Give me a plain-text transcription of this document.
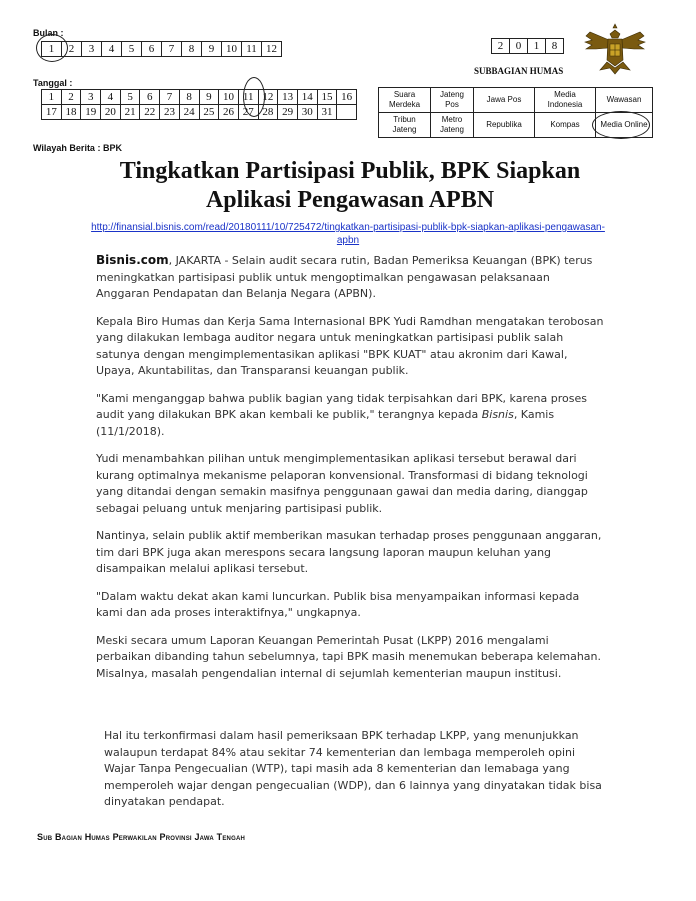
Bulan :
1	2	3	4	5	6	7	8	9	10	11	12
Tanggal :
1	2	3	4	5	6	7	8	9	10	11	12	13	14	15	16
17	18	19	20	21	22	23	24	25	26	27	28	29	30	31	
2	0	1	8
SUBBAGIAN HUMAS
Suara Merdeka	Jateng Pos	Jawa Pos	Media Indonesia	Wawasan
Tribun Jateng	Metro Jateng	Republika	Kompas	Media Online
Wilayah Berita : BPK
Tingkatkan Partisipasi Publik, BPK Siapkan
Aplikasi Pengawasan APBN
http://finansial.bisnis.com/read/20180111/10/725472/tingkatkan-partisipasi-publik-bpk-siapkan-aplikasi-pengawasan-
apbn

Bisnis.com, JAKARTA - Selain audit secara rutin, Badan Pemeriksa Keuangan (BPK) terus meningkatkan partisipasi publik untuk mengoptimalkan pengawasan pelaksanaan Anggaran Pendapatan dan Belanja Negara (APBN).

Kepala Biro Humas dan Kerja Sama Internasional BPK Yudi Ramdhan mengatakan terobosan yang dilakukan lembaga auditor negara untuk meningkatkan partisipasi publik salah satunya dengan mengimplementasikan aplikasi "BPK KUAT" atau akronim dari Kawal, Upaya, Akuntabilitas, dan Transparansi keuangan publik.

"Kami menganggap bahwa publik bagian yang tidak terpisahkan dari BPK, karena proses audit yang dilakukan BPK akan kembali ke publik," terangnya kepada Bisnis, Kamis (11/1/2018).

Yudi menambahkan pilihan untuk mengimplementasikan aplikasi tersebut berawal dari kurang optimalnya mekanisme pelaporan konvensional. Transformasi di bidang teknologi yang ditandai dengan semakin masifnya penggunaan gawai dan media daring, dianggap sebagai peluang untuk menjaring partisipasi publik.

Nantinya, selain publik aktif memberikan masukan terhadap proses penggunaan anggaran, tim dari BPK juga akan merespons secara langsung laporan maupun keluhan yang disampaikan melalui aplikasi tersebut.

"Dalam waktu dekat akan kami luncurkan. Publik bisa menyampaikan informasi kepada kami dan ada proses interaktifnya," ungkapnya.

Meski secara umum Laporan Keuangan Pemerintah Pusat (LKPP) 2016 mengalami perbaikan dibanding tahun sebelumnya, tapi BPK masih menemukan beberapa kelemahan. Misalnya, masalah pengendalian internal di sejumlah kementerian maupun institusi.

Hal itu terkonfirmasi dalam hasil pemeriksaan BPK terhadap LKPP, yang menunjukkan walaupun terdapat 84% atau sekitar 74 kementerian dan lembaga memperoleh opini Wajar Tanpa Pengecualian (WTP), tapi masih ada 8 kementerian dan lemabaga yang memperoleh wajar dengan pengecualian (WDP), dan 6 lainnya yang dinyatakan tidak bisa dinyatakan pendapat.

Sub Bagian Humas Perwakilan Provinsi Jawa Tengah
